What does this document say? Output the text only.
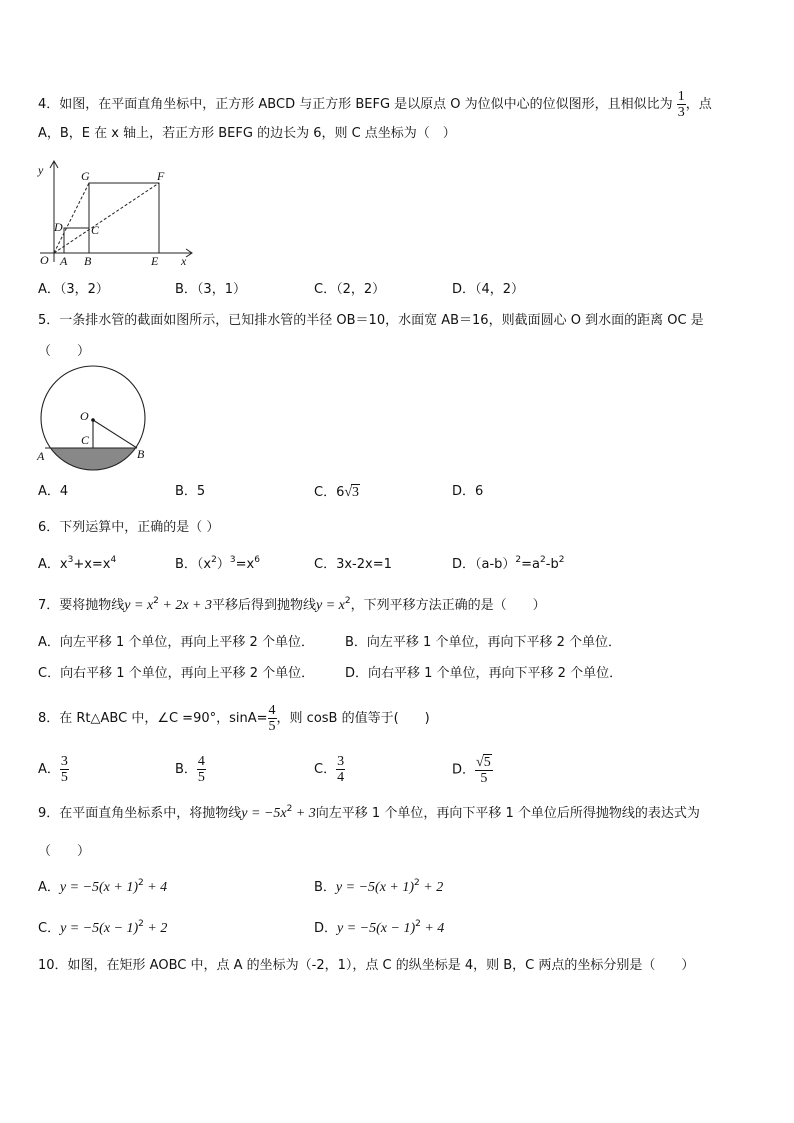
4．如图，在平面直角坐标中，正方形 ABCD 与正方形 BEFG 是以原点 O 为位似中心的位似图形，且相似比为 $\frac{1}{3}$ ，点
A，B，E 在 x 轴上，若正方形 BEFG 的边长为 6，则 C 点坐标为（　）
y
x
O A B	E
D C
G	F
A．（3，2）	B．（3，1）	C．（2，2）	D．（4，2）
5．一条排水管的截面如图所示，已知排水管的半径 OB＝10，水面宽 AB＝16，则截面圆心 O 到水面的距离 OC 是
（　　）
O
C
A	B
A．4	B．5	C．6√3	D．6
6．下列运算中，正确的是（ ）
A．$x^3+x=x^4$	B．$(x^2)^3=x^6$	C．3x-2x=1	D．$(a-b)^2=a^2-b^2$
7．要将抛物线$y = x^2 + 2x + 3$平移后得到抛物线$y = x^2$，下列平移方法正确的是（　　）
A．向左平移 1 个单位，再向上平移 2 个单位． B．向左平移 1 个单位，再向下平移 2 个单位．
C．向右平移 1 个单位，再向上平移 2 个单位． D．向右平移 1 个单位，再向下平移 2 个单位．
8．在 Rt△ABC 中，∠C =90°，$\sin A= \frac{4}{5}$ ，则 cosB 的值等于(　　)
A． $\frac{3}{5}$	B． $\frac{4}{5}$	C． $\frac{3}{4}$	D． $\frac{√5}{5}$
9．在平面直角坐标系中，将抛物线$y = -5x^2 + 3$向左平移 1 个单位，再向下平移 1 个单位后所得抛物线的表达式为
（　　）
A．$y = -5(x + 1)^2 + 4$	B．$y = -5(x + 1)^2 + 2$
C．$y = -5(x - 1)^2 + 2$	D．$y = -5(x - 1)^2 + 4$
10．如图，在矩形 AOBC 中，点 A 的坐标为（-2，1），点 C 的纵坐标是 4，则 B，C 两点的坐标分别是（　　）
